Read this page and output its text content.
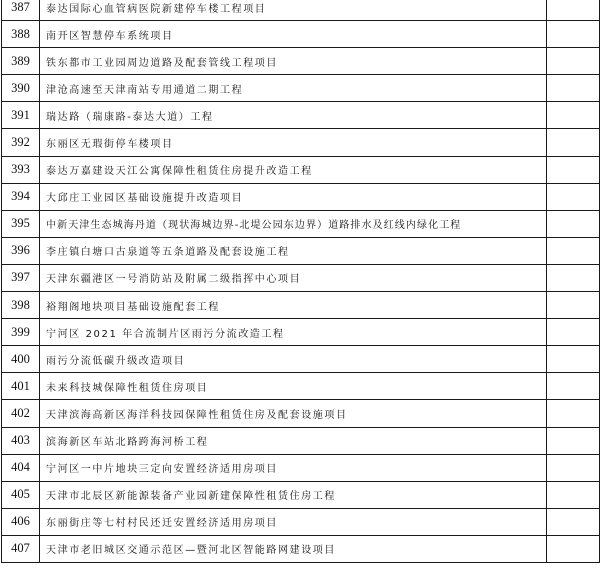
387	泰达国际心血管病医院新建停车楼工程项目	
388	南开区智慧停车系统项目	
389	铁东都市工业园周边道路及配套管线工程项目	
390	津沧高速至天津南站专用通道二期工程	
391	瑞达路（瑞康路-泰达大道）工程	
392	东丽区无瑕街停车楼项目	
393	泰达万嘉建设天江公寓保障性租赁住房提升改造工程	
394	大邱庄工业园区基础设施提升改造项目	
395	中新天津生态城海丹道（现状海城边界-北堤公园东边界）道路排水及红线内绿化工程	
396	李庄镇白塘口古泉道等五条道路及配套设施工程	
397	天津东疆港区一号消防站及附属二级指挥中心项目	
398	裕翔阁地块项目基础设施配套工程	
399	宁河区 2021 年合流制片区雨污分流改造工程	
400	雨污分流低碳升级改造项目	
401	未来科技城保障性租赁住房项目	
402	天津滨海高新区海洋科技园保障性租赁住房及配套设施项目	
403	滨海新区车站北路跨海河桥工程	
404	宁河区一中片地块三定向安置经济适用房项目	
405	天津市北辰区新能源装备产业园新建保障性租赁住房工程	
406	东丽街庄等七村村民还迁安置经济适用房项目	
407	天津市老旧城区交通示范区—暨河北区智能路网建设项目	
